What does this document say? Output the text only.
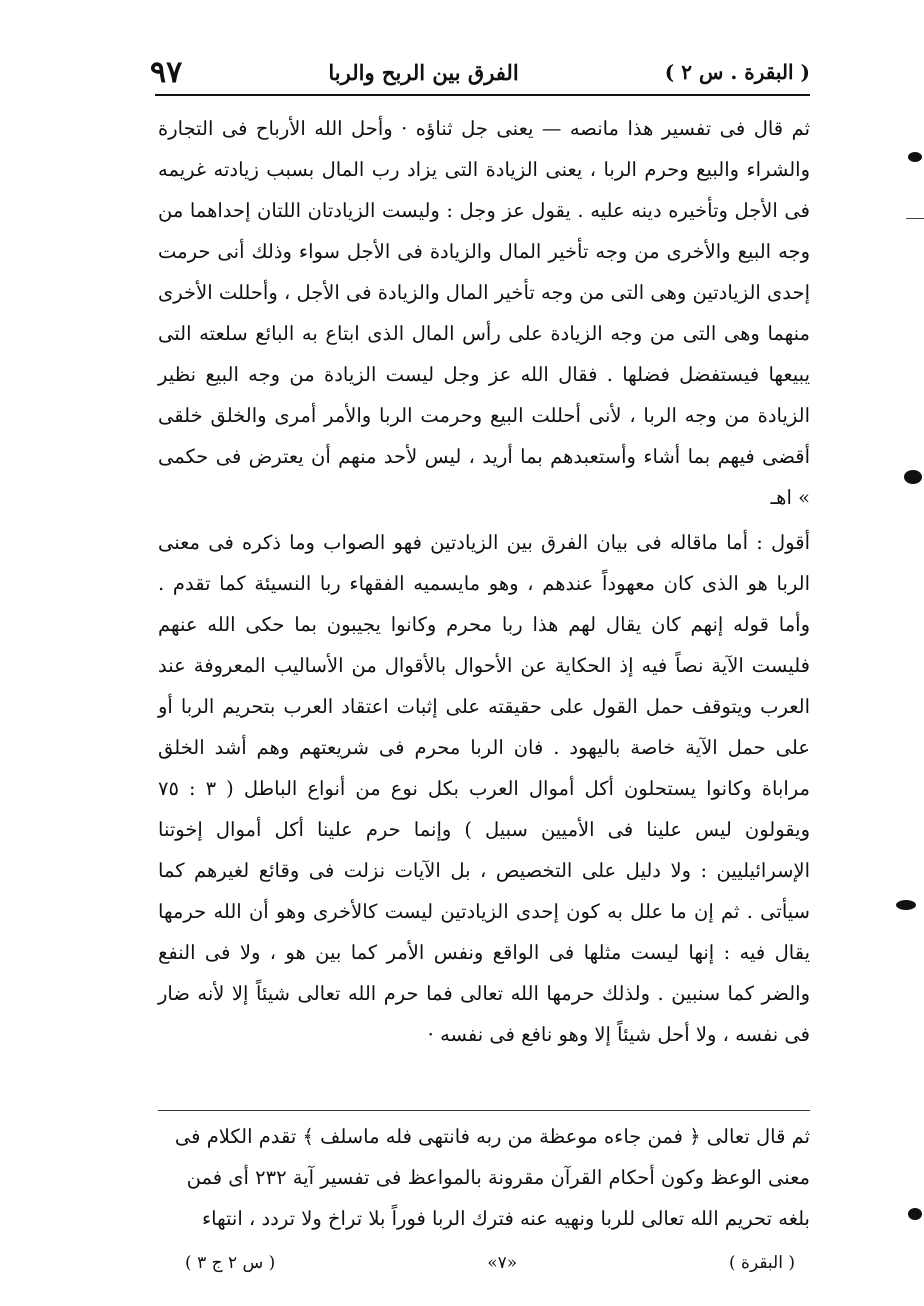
( البقرة . س ٢ )
الفرق بين الربح والربا
٩٧

ثم قال فى تفسير هذا مانصه — يعنى جل ثناؤه · وأحل الله الأرباح فى التجارة والشراء والبيع وحرم الربا ، يعنى الزيادة التى يزاد رب المال بسبب زيادته غريمه فى الأجل وتأخيره دينه عليه . يقول عز وجل : وليست الزيادتان اللتان إحداهما من وجه البيع والأخرى من وجه تأخير المال والزيادة فى الأجل سواء وذلك أنى حرمت إحدى الزيادتين وهى التى من وجه تأخير المال والزيادة فى الأجل ، وأحللت الأخرى منهما وهى التى من وجه الزيادة على رأس المال الذى ابتاع به البائع سلعته التى يبيعها فيستفضل فضلها . فقال الله عز وجل ليست الزيادة من وجه البيع نظير الزيادة من وجه الربا ، لأنى أحللت البيع وحرمت الربا والأمر أمرى والخلق خلقى أقضى فيهم بما أشاء وأستعبدهم بما أريد ، ليس لأحد منهم أن يعترض فى حكمى » اهـ

أقول : أما ماقاله فى بيان الفرق بين الزيادتين فهو الصواب وما ذكره فى معنى الربا هو الذى كان معهوداً عندهم ، وهو مايسميه الفقهاء ربا النسيئة كما تقدم . وأما قوله إنهم كان يقال لهم هذا ربا محرم وكانوا يجيبون بما حكى الله عنهم فليست الآية نصاً فيه إذ الحكاية عن الأحوال بالأقوال من الأساليب المعروفة عند العرب ويتوقف حمل القول على حقيقته على إثبات اعتقاد العرب بتحريم الربا أو على حمل الآية خاصة باليهود . فان الربا محرم فى شريعتهم وهم أشد الخلق مراباة وكانوا يستحلون أكل أموال العرب بكل نوع من أنواع الباطل ( ٣ : ٧٥ ويقولون ليس علينا فى الأميين سبيل ) وإنما حرم علينا أكل أموال إخوتنا الإسرائيليين : ولا دليل على التخصيص ، بل الآيات نزلت فى وقائع لغيرهم كما سيأتى . ثم إن ما علل به كون إحدى الزيادتين ليست كالأخرى وهو أن الله حرمها يقال فيه : إنها ليست مثلها فى الواقع ونفس الأمر كما بين هو ، ولا فى النفع والضر كما سنبين . ولذلك حرمها الله تعالى فما حرم الله تعالى شيئاً إلا لأنه ضار فى نفسه ، ولا أحل شيئاً إلا وهو نافع فى نفسه ·

ثم قال تعالى ﴿ فمن جاءه موعظة من ربه فانتهى فله ماسلف ﴾ تقدم الكلام فى معنى الوعظ وكون أحكام القرآن مقرونة بالمواعظ فى تفسير آية ٢٣٢ أى فمن بلغه تحريم الله تعالى للربا ونهيه عنه فترك الربا فوراً بلا تراخ ولا تردد ، انتهاء

( البقرة )
«٧»
( س ٢ ج ٣ )
